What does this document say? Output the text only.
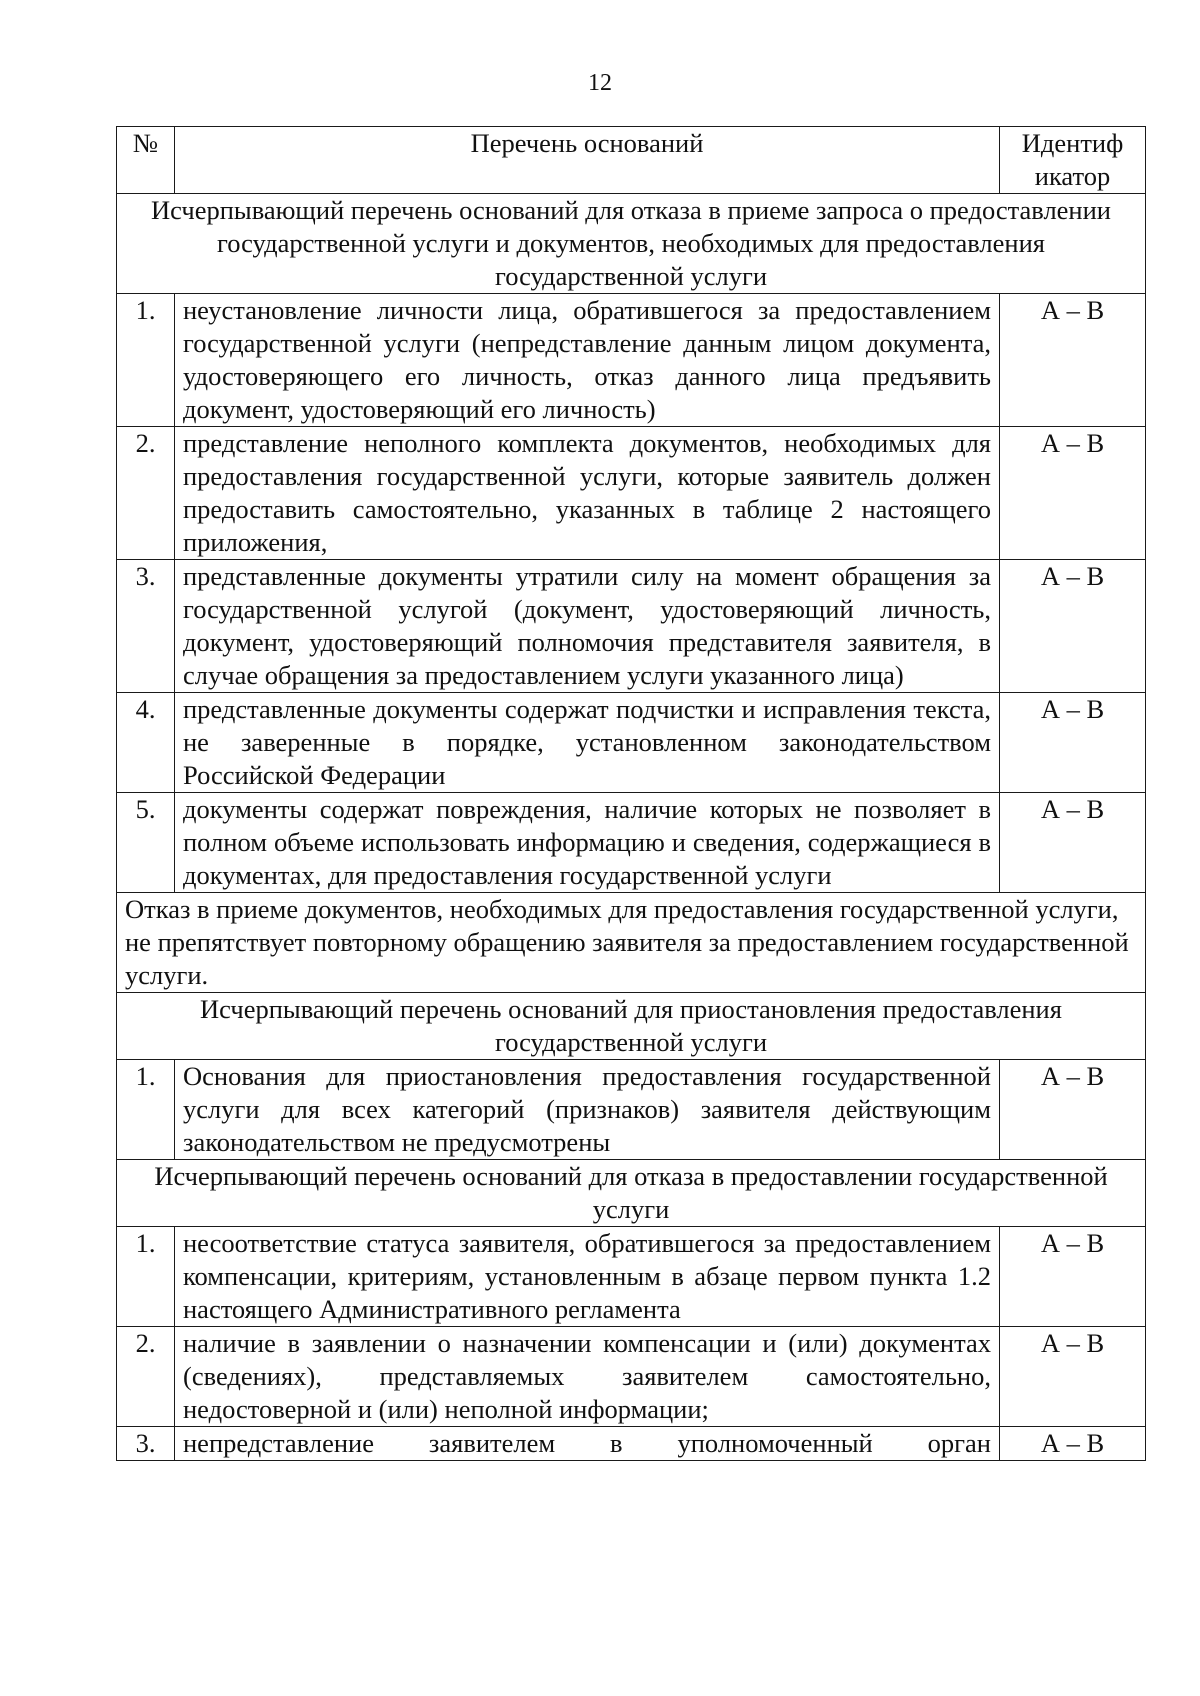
12
№	Перечень оснований	Идентиф икатор
Исчерпывающий перечень оснований для отказа в приеме запроса о предоставлении государственной услуги и документов, необходимых для предоставления государственной услуги		
1.	неустановление личности лица, обратившегося за предоставлением государственной услуги (непредставление данным лицом документа, удостоверяющего его личность, отказ данного лица предъявить документ, удостоверяющий его личность)	А – В
2.	представление неполного комплекта документов, необходимых для предоставления государственной услуги, которые заявитель должен предоставить самостоятельно, указанных в таблице 2 настоящего приложения,	А – В
3.	представленные документы утратили силу на момент обращения за государственной услугой (документ, удостоверяющий личность, документ, удостоверяющий полномочия представителя заявителя, в случае обращения за предоставлением услуги указанного лица)	А – В
4.	представленные документы содержат подчистки и исправления текста, не заверенные в порядке, установленном законодательством Российской Федерации	А – В
5.	документы содержат повреждения, наличие которых не позволяет в полном объеме использовать информацию и сведения, содержащиеся в документах, для предоставления государственной услуги	А – В
Отказ в приеме документов, необходимых для предоставления государственной услуги, не препятствует повторному обращению заявителя за предоставлением государственной услуги.		
Исчерпывающий перечень оснований для приостановления предоставления государственной услуги		
1.	Основания для приостановления предоставления государственной услуги для всех категорий (признаков) заявителя действующим законодательством не предусмотрены	А – В
Исчерпывающий перечень оснований для отказа в предоставлении государственной услуги		
1.	несоответствие статуса заявителя, обратившегося за предоставлением компенсации, критериям, установленным в абзаце первом пункта 1.2 настоящего Административного регламента	А – В
2.	наличие в заявлении о назначении компенсации и (или) документах (сведениях), представляемых заявителем самостоятельно, недостоверной и (или) неполной информации;	А – В
3.	непредставление заявителем в уполномоченный орган	А – В
